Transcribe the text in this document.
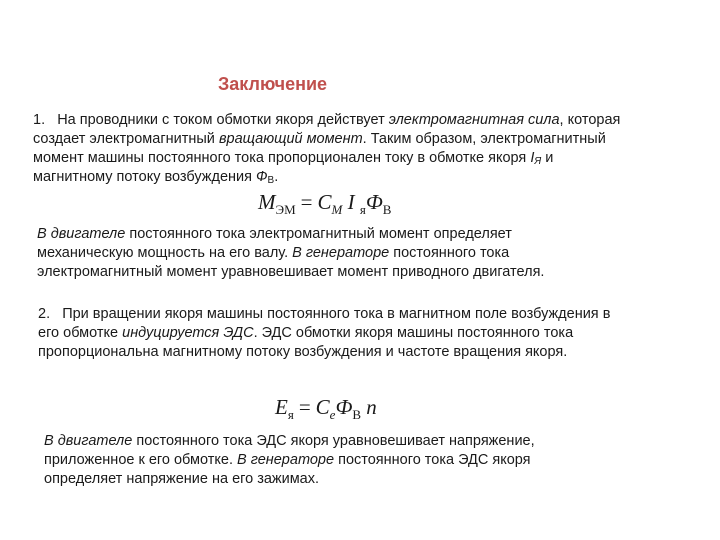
Заключение
1. На проводники с током обмотки якоря действует электромагнитная сила, которая
создает электромагнитный вращающий момент. Таким образом, электромагнитный
момент машины постоянного тока пропорционален току в обмотке якоря $I_Я$ и
магнитному потоку возбуждения ФВ.
$M_{ЭМ} = C_M$ I $_яФ_В$
В двигателе постоянного тока электромагнитный момент определяет
механическую мощность на его валу. В генераторе постоянного тока
электромагнитный момент уравновешивает момент приводного двигателя.
2. При вращении якоря машины постоянного тока в магнитном поле возбуждения в
его обмотке индуцируется ЭДС. ЭДС обмотки якоря машины постоянного тока
пропорциональна магнитному потоку возбуждения и частоте вращения якоря.
$E_я = C_eФ_В$ n
В двигателе постоянного тока ЭДС якоря уравновешивает напряжение,
приложенное к его обмотке. В генераторе постоянного тока ЭДС якоря
определяет напряжение на его зажимах.
